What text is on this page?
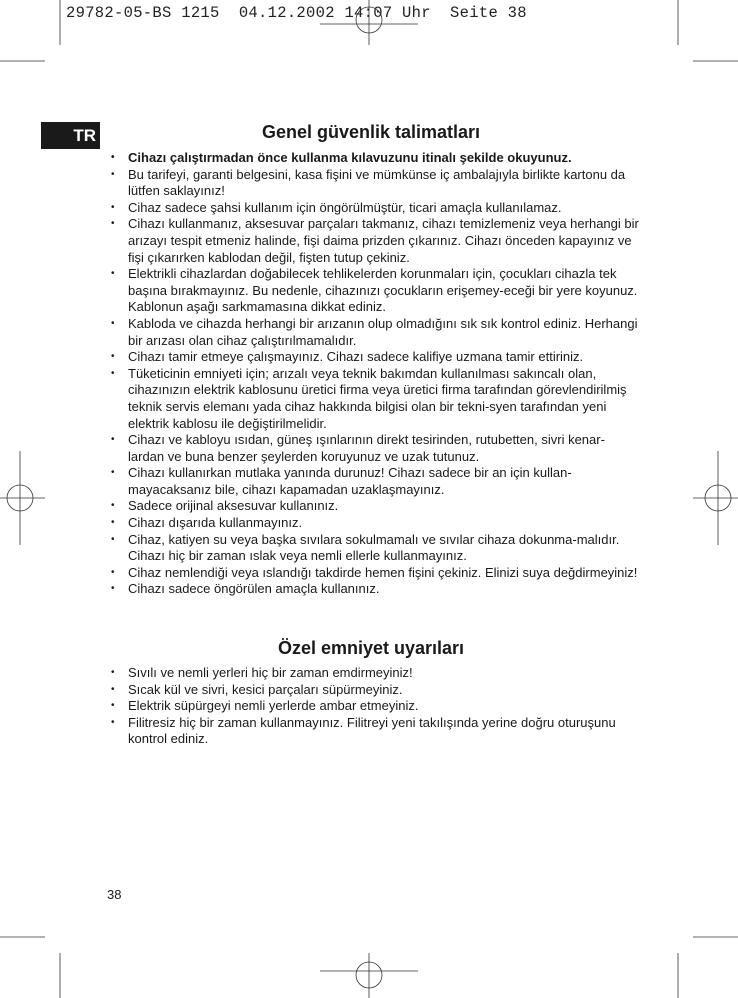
29782-05-BS 1215  04.12.2002 14:07 Uhr  Seite 38
TR	Genel güvenlik talimatları
• Cihazı çalıştırmadan önce kullanma kılavuzunu itinalı şekilde okuyunuz.
• Bu tarifeyi, garanti belgesini, kasa fişini ve mümkünse iç ambalajıyla birlikte kartonu da lütfen saklayınız!
• Cihaz sadece şahsi kullanım için öngörülmüştür, ticari amaçla kullanılamaz.
• Cihazı kullanmanız, aksesuvar parçaları takmanız, cihazı temizlemeniz veya herhangi bir arızayı tespit etmeniz halinde, fişi daima prizden çıkarınız. Cihazı önceden kapayınız ve fişi çıkarırken kablodan değil, fişten tutup çekiniz.
• Elektrikli cihazlardan doğabilecek tehlikelerden korunmaları için, çocukları cihazla tek başına bırakmayınız. Bu nedenle, cihazınızı çocukların erişemey-eceği bir yere koyunuz. Kablonun aşağı sarkmamasına dikkat ediniz.
• Kabloda ve cihazda herhangi bir arızanın olup olmadığını sık sık kontrol ediniz. Herhangi bir arızası olan cihaz çalıştırılmamalıdır.
• Cihazı tamir etmeye çalışmayınız. Cihazı sadece kalifiye uzmana tamir ettiriniz.
• Tüketicinin emniyeti için; arızalı veya teknik bakımdan kullanılması sakıncalı olan, cihazınızın elektrik kablosunu üretici firma veya üretici firma tarafından görevlendirilmiş teknik servis elemanı yada cihaz hakkında bilgisi olan bir tekni-syen tarafından yeni elektrik kablosu ile değiştirilmelidir.
• Cihazı ve kabloyu ısıdan, güneş ışınlarının direkt tesirinden, rutubetten, sivri kenar-lardan ve buna benzer şeylerden koruyunuz ve uzak tutunuz.
• Cihazı kullanırkan mutlaka yanında durunuz! Cihazı sadece bir an için kullan-mayacaksanız bile, cihazı kapamadan uzaklaşmayınız.
• Sadece orijinal aksesuvar kullanınız.
• Cihazı dışarıda kullanmayınız.
• Cihaz, katiyen su veya başka sıvılara sokulmamalı ve sıvılar cihaza dokunma-malıdır. Cihazı hiç bir zaman ıslak veya nemli ellerle kullanmayınız.
• Cihaz nemlendiği veya ıslandığı takdirde hemen fişini çekiniz. Elinizi suya değdirmeyiniz!
• Cihazı sadece öngörülen amaçla kullanınız.
Özel emniyet uyarıları
• Sıvılı ve nemli yerleri hiç bir zaman emdirmeyiniz!
• Sıcak kül ve sivri, kesici parçaları süpürmeyiniz.
• Elektrik süpürgeyi nemli yerlerde ambar etmeyiniz.
• Filitresiz hiç bir zaman kullanmayınız. Filitreyi yeni takılışında yerine doğru oturuşunu kontrol ediniz.

38
